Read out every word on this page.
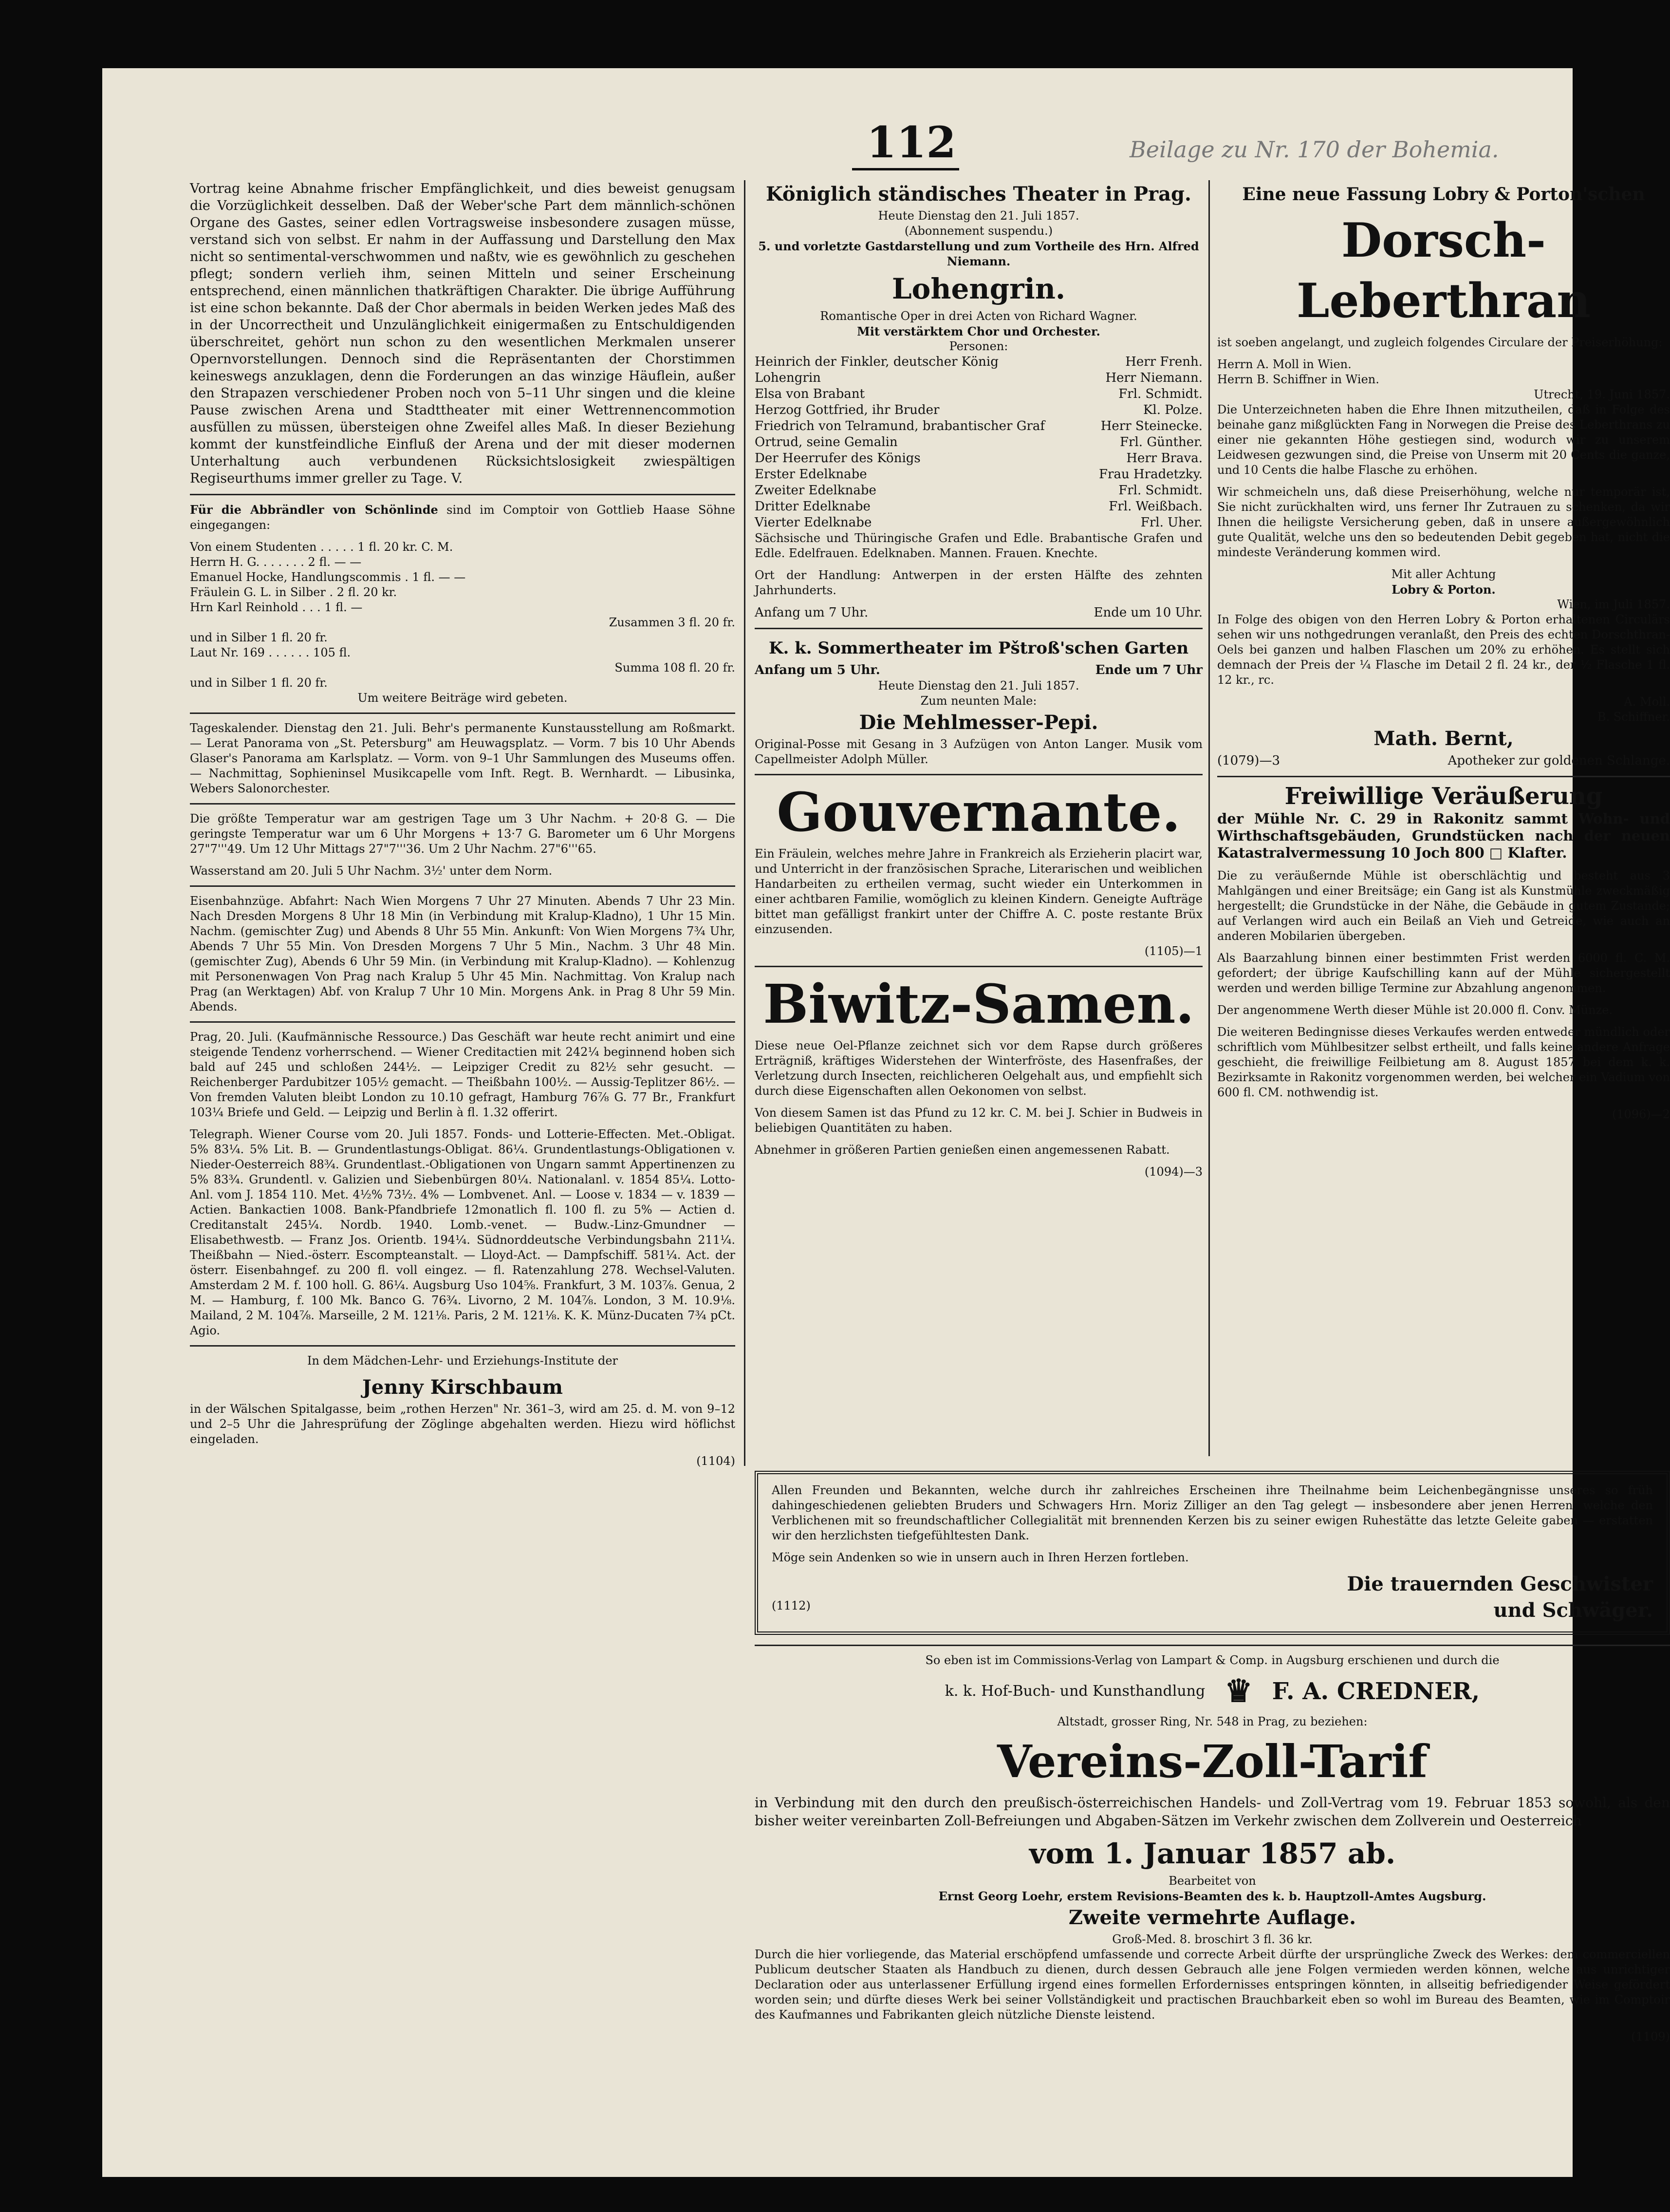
112	Beilage zu Nr. 170 der Bohemia.

Vortrag keine Abnahme frischer Empfänglichkeit, und dies beweist genugsam die Vorzüglichkeit desselben. Daß der Weber'sche Part dem männlich-schönen Organe des Gastes, seiner edlen Vortragsweise insbesondere zusagen müsse, verstand sich von selbst. Er nahm in der Auffassung und Darstellung den Max nicht so sentimental-verschwommen und naßtv, wie es gewöhnlich zu geschehen pflegt; sondern verlieh ihm, seinen Mitteln und seiner Erscheinung entsprechend, einen männlichen thatkräftigen Charakter. Die übrige Aufführung ist eine schon bekannte. Daß der Chor abermals in beiden Werken jedes Maß des in der Uncorrectheit und Unzulänglichkeit einigermaßen zu Entschuldigenden überschreitet, gehört nun schon zu den wesentlichen Merkmalen unserer Opernvorstellungen. Dennoch sind die Repräsentanten der Chorstimmen keineswegs anzuklagen, denn die Forderungen an das winzige Häuflein, außer den Strapazen verschiedener Proben noch von 5–11 Uhr singen und die kleine Pause zwischen Arena und Stadttheater mit einer Wettrennencommotion ausfüllen zu müssen, übersteigen ohne Zweifel alles Maß. In dieser Beziehung kommt der kunstfeindliche Einfluß der Arena und der mit dieser modernen Unterhaltung auch verbundenen Rücksichtslosigkeit zwiespältigen Regiseurthums immer greller zu Tage. V.

Für die Abbrändler von Schönlinde sind im Comptoir von Gottlieb Haase Söhne eingegangen:

Von einem Studenten . . . . . 1 fl. 20 kr. C. M.
Herrn H. G. . . . . . . 2 fl. — —
Emanuel Hocke, Handlungscommis . 1 fl. — —
Fräulein G. L. in Silber . 2 fl. 20 kr.
Hrn Karl Reinhold . . . 1 fl. —
Zusammen 3 fl. 20 fr.
und in Silber 1 fl. 20 fr.
Laut Nr. 169 . . . . . . 105 fl.
Summa 108 fl. 20 fr.
und in Silber 1 fl. 20 fr.
Um weitere Beiträge wird gebeten.

Tageskalender. Dienstag den 21. Juli. Behr's permanente Kunstausstellung am Roßmarkt. — Lerat Panorama von „St. Petersburg" am Heuwagsplatz. — Vorm. 7 bis 10 Uhr Abends Glaser's Panorama am Karlsplatz. — Vorm. von 9–1 Uhr Sammlungen des Museums offen. — Nachmittag, Sophieninsel Musikcapelle vom Inft. Regt. B. Wernhardt. — Libusinka, Webers Salonorchester.

Die größte Temperatur war am gestrigen Tage um 3 Uhr Nachm. + 20·8 G. — Die geringste Temperatur war um 6 Uhr Morgens + 13·7 G. Barometer um 6 Uhr Morgens 27"7'''49. Um 12 Uhr Mittags 27"7'''36. Um 2 Uhr Nachm. 27"6'''65.

Wasserstand am 20. Juli 5 Uhr Nachm. 3½' unter dem Norm.

Eisenbahnzüge. Abfahrt: Nach Wien Morgens 7 Uhr 27 Minuten. Abends 7 Uhr 23 Min. Nach Dresden Morgens 8 Uhr 18 Min (in Verbindung mit Kralup-Kladno), 1 Uhr 15 Min. Nachm. (gemischter Zug) und Abends 8 Uhr 55 Min. Ankunft: Von Wien Morgens 7¾ Uhr, Abends 7 Uhr 55 Min. Von Dresden Morgens 7 Uhr 5 Min., Nachm. 3 Uhr 48 Min. (gemischter Zug), Abends 6 Uhr 59 Min. (in Verbindung mit Kralup-Kladno). — Kohlenzug mit Personenwagen Von Prag nach Kralup 5 Uhr 45 Min. Nachmittag. Von Kralup nach Prag (an Werktagen) Abf. von Kralup 7 Uhr 10 Min. Morgens Ank. in Prag 8 Uhr 59 Min. Abends.

Prag, 20. Juli. (Kaufmännische Ressource.) Das Geschäft war heute recht animirt und eine steigende Tendenz vorherrschend. — Wiener Creditactien mit 242¼ beginnend hoben sich bald auf 245 und schloßen 244½. — Leipziger Credit zu 82½ sehr gesucht. — Reichenberger Pardubitzer 105½ gemacht. — Theißbahn 100½. — Aussig-Teplitzer 86½. — Von fremden Valuten bleibt London zu 10.10 gefragt, Hamburg 76⅞ G. 77 Br., Frankfurt 103¼ Briefe und Geld. — Leipzig und Berlin à fl. 1.32 offerirt.

Telegraph. Wiener Course vom 20. Juli 1857. Fonds- und Lotterie-Effecten. Met.-Obligat. 5% 83¼. 5% Lit. B. — Grundentlastungs-Obligat. 86¼. Grundentlastungs-Obligationen v. Nieder-Oesterreich 88¾. Grundentlast.-Obligationen von Ungarn sammt Appertinenzen zu 5% 83¾. Grundentl. v. Galizien und Siebenbürgen 80¼. Nationalanl. v. 1854 85¼. Lotto-Anl. vom J. 1854 110. Met. 4½% 73½. 4% — Lombvenet. Anl. — Loose v. 1834 — v. 1839 — Actien. Bankactien 1008. Bank-Pfandbriefe 12monatlich fl. 100 fl. zu 5% — Actien d. Creditanstalt 245¼. Nordb. 1940. Lomb.-venet. — Budw.-Linz-Gmundner — Elisabethwestb. — Franz Jos. Orientb. 194¼. Südnorddeutsche Verbindungsbahn 211¼. Theißbahn — Nied.-österr. Escompteanstalt. — Lloyd-Act. — Dampfschiff. 581¼. Act. der österr. Eisenbahngef. zu 200 fl. voll eingez. — fl. Ratenzahlung 278. Wechsel-Valuten. Amsterdam 2 M. f. 100 holl. G. 86¼. Augsburg Uso 104⅝. Frankfurt, 3 M. 103⅞. Genua, 2 M. — Hamburg, f. 100 Mk. Banco G. 76¾. Livorno, 2 M. 104⅞. London, 3 M. 10.9⅛. Mailand, 2 M. 104⅞. Marseille, 2 M. 121⅛. Paris, 2 M. 121⅛. K. K. Münz-Ducaten 7¾ pCt. Agio.

In dem Mädchen-Lehr- und Erziehungs-Institute der

Jenny Kirschbaum

in der Wälschen Spitalgasse, beim „rothen Herzen" Nr. 361–3, wird am 25. d. M. von 9–12 und 2–5 Uhr die Jahresprüfung der Zöglinge abgehalten werden. Hiezu wird höflichst eingeladen.

(1104)
Königlich ständisches Theater in Prag.
Heute Dienstag den 21. Juli 1857.
(Abonnement suspendu.)
5. und vorletzte Gastdarstellung und zum Vortheile des Hrn. Alfred Niemann.
Lohengrin.
Romantische Oper in drei Acten von Richard Wagner.
Mit verstärktem Chor und Orchester.
Personen:
Heinrich der Finkler, deutscher König	Herr Frenh.
Lohengrin	Herr Niemann.
Elsa von Brabant	Frl. Schmidt.
Herzog Gottfried, ihr Bruder	Kl. Polze.
Friedrich von Telramund, brabantischer Graf	Herr Steinecke.
Ortrud, seine Gemalin	Frl. Günther.
Der Heerrufer des Königs	Herr Brava.
Erster Edelknabe	Frau Hradetzky.
Zweiter Edelknabe	Frl. Schmidt.
Dritter Edelknabe	Frl. Weißbach.
Vierter Edelknabe	Frl. Uher.

Sächsische und Thüringische Grafen und Edle. Brabantische Grafen und Edle. Edelfrauen. Edelknaben. Mannen. Frauen. Knechte.

Ort der Handlung: Antwerpen in der ersten Hälfte des zehnten Jahrhunderts.

Anfang um 7 Uhr.	Ende um 10 Uhr.
K. k. Sommertheater im Pštroß'schen Garten
Anfang um 5 Uhr.	Ende um 7 Uhr
Heute Dienstag den 21. Juli 1857.
Zum neunten Male:
Die Mehlmesser-Pepi.

Original-Posse mit Gesang in 3 Aufzügen von Anton Langer. Musik vom Capellmeister Adolph Müller.

Gouvernante.

Ein Fräulein, welches mehre Jahre in Frankreich als Erzieherin placirt war, und Unterricht in der französischen Sprache, Literarischen und weiblichen Handarbeiten zu ertheilen vermag, sucht wieder ein Unterkommen in einer achtbaren Familie, womöglich zu kleinen Kindern. Geneigte Aufträge bittet man gefälligst frankirt unter der Chiffre A. C. poste restante Brüx einzusenden.

(1105)—1
Biwitz-Samen.

Diese neue Oel-Pflanze zeichnet sich vor dem Rapse durch größeres Erträgniß, kräftiges Widerstehen der Winterfröste, des Hasenfraßes, der Verletzung durch Insecten, reichlicheren Oelgehalt aus, und empfiehlt sich durch diese Eigenschaften allen Oekonomen von selbst.

Von diesem Samen ist das Pfund zu 12 kr. C. M. bei J. Schier in Budweis in beliebigen Quantitäten zu haben.

Abnehmer in größeren Partien genießen einen angemessenen Rabatt.

(1094)—3
Eine neue Fassung Lobry & Porton'schen
Dorsch-Leberthran

ist soeben angelangt, und zugleich folgendes Circulare der Preiserhöhung:

Herrn A. Moll in Wien.
Herrn B. Schiffner in Wien.
Utrecht, 19. Juni 1857.

Die Unterzeichneten haben die Ehre Ihnen mitzutheilen, daß in Folge des beinahe ganz mißglückten Fang in Norwegen die Preise des Leberthrans zu einer nie gekannten Höhe gestiegen sind, wodurch wir zu unserem Leidwesen gezwungen sind, die Preise von Unserm mit 20 Cents die ganze, und 10 Cents die halbe Flasche zu erhöhen.

Wir schmeicheln uns, daß diese Preiserhöhung, welche nur temporär ist, Sie nicht zurückhalten wird, uns ferner Ihr Zutrauen zu schenken, da wir Ihnen die heiligste Versicherung geben, daß in unsere außergewöhnlich gute Qualität, welche uns den so bedeutenden Debit gegeben hat, nicht die mindeste Veränderung kommen wird.

Mit aller Achtung
Lobry & Porton.
Wien, im Juli 1857.

In Folge des obigen von den Herren Lobry & Porton erhaltenen Circulärs sehen wir uns nothgedrungen veranlaßt, den Preis des echten Dorschthran-Oels bei ganzen und halben Flaschen um 20% zu erhöhen. Es stellt sich demnach der Preis der ¼ Flasche im Detail 2 fl. 24 kr., der ½ Flasche 1 fl. 12 kr., rc.

A. Moll.
B. Schiffner.
Math. Bernt,
(1079)—3	Apotheker zur goldenen Schlange.
Freiwillige Veräußerung

der Mühle Nr. C. 29 in Rakonitz sammt Wohn- und Wirthschaftsgebäuden, Grundstücken nach der neuen Katastralvermessung 10 Joch 800 □ Klafter.

Die zu veräußernde Mühle ist oberschlächtig und besteht aus 3 Mahlgängen und einer Breitsäge; ein Gang ist als Kunstmühle zweckmäßig hergestellt; die Grundstücke in der Nähe, die Gebäude in gutem Zustande; auf Verlangen wird auch ein Beilaß an Vieh und Getreide, wie auch an anderen Mobilarien übergeben.

Als Baarzahlung binnen einer bestimmten Frist werden 6000 fl. C. M. gefordert; der übrige Kaufschilling kann auf der Mühle sichergestellt werden und werden billige Termine zur Abzahlung angenommen.

Der angenommene Werth dieser Mühle ist 20.000 fl. Conv. Münze.

Die weiteren Bedingnisse dieses Verkaufes werden entweder mündlich oder schriftlich vom Mühlbesitzer selbst ertheilt, und falls keine andere Anfrage geschieht, die freiwillige Feilbietung am 8. August 1857 bei dem k. k. Bezirksamte in Rakonitz vorgenommen werden, bei welcher ein Vadium von 600 fl. CM. nothwendig ist.

(1096)—2

Allen Freunden und Bekannten, welche durch ihr zahlreiches Erscheinen ihre Theilnahme beim Leichenbegängnisse unseres so früh dahingeschiedenen geliebten Bruders und Schwagers Hrn. Moriz Zilliger an den Tag gelegt — insbesondere aber jenen Herren, welche den Verblichenen mit so freundschaftlicher Collegialität mit brennenden Kerzen bis zu seiner ewigen Ruhestätte das letzte Geleite gaben — erstatten wir den herzlichsten tiefgefühltesten Dank.

Möge sein Andenken so wie in unsern auch in Ihren Herzen fortleben.

Die trauernden Geschwister
(1112)	und Schwäger.
So eben ist im Commissions-Verlag von Lampart & Comp. in Augsburg erschienen und durch die
k. k. Hof-Buch- und Kunsthandlung ♛ F. A. CREDNER,
Altstadt, grosser Ring, Nr. 548 in Prag, zu beziehen:
Vereins-Zoll-Tarif

in Verbindung mit den durch den preußisch-österreichischen Handels- und Zoll-Vertrag vom 19. Februar 1853 sowohl, als den bisher weiter vereinbarten Zoll-Befreiungen und Abgaben-Sätzen im Verkehr zwischen dem Zollverein und Oesterreich

vom 1. Januar 1857 ab.
Bearbeitet von
Ernst Georg Loehr, erstem Revisions-Beamten des k. b. Hauptzoll-Amtes Augsburg.
Zweite vermehrte Auflage.
Groß-Med. 8. broschirt 3 fl. 36 kr.

Durch die hier vorliegende, das Material erschöpfend umfassende und correcte Arbeit dürfte der ursprüngliche Zweck des Werkes: dem commerciellen Publicum deutscher Staaten als Handbuch zu dienen, durch dessen Gebrauch alle jene Folgen vermieden werden können, welche aus unrichtiger Declaration oder aus unterlassener Erfüllung irgend eines formellen Erfordernisses entspringen könnten, in allseitig befriedigender Weise gefördert worden sein; und dürfte dieses Werk bei seiner Vollständigkeit und practischen Brauchbarkeit eben so wohl im Bureau des Beamten, wie im Comptoir des Kaufmannes und Fabrikanten gleich nützliche Dienste leistend.

(1109)
